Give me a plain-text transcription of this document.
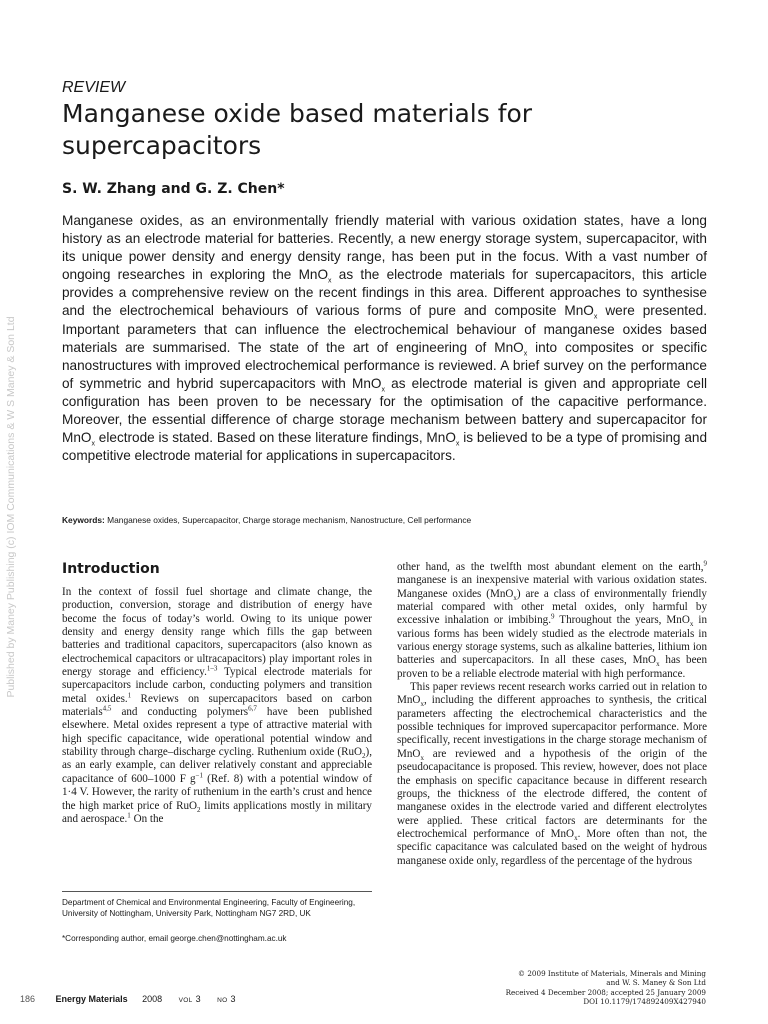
Published by Maney Publishing (c) IOM Communications & W S Maney & Son Ltd
REVIEW
Manganese oxide based materials for supercapacitors
S. W. Zhang and G. Z. Chen*

Manganese oxides, as an environmentally friendly material with various oxidation states, have a long history as an electrode material for batteries. Recently, a new energy storage system, supercapacitor, with its unique power density and energy density range, has been put in the focus. With a vast number of ongoing researches in exploring the MnO$_x$ as the electrode materials for supercapacitors, this article provides a comprehensive review on the recent findings in this area. Different approaches to synthesise and the electrochemical behaviours of various forms of pure and composite MnO$_x$ were presented. Important parameters that can influence the electrochemical behaviour of manganese oxides based materials are summarised. The state of the art of engineering of MnO$_x$ into composites or specific nanostructures with improved electrochemical performance is reviewed. A brief survey on the performance of symmetric and hybrid supercapacitors with MnO$_x$ as electrode material is given and appropriate cell configuration has been proven to be necessary for the optimisation of the capacitive performance. Moreover, the essential difference of charge storage mechanism between battery and supercapacitor for MnO$_x$ electrode is stated. Based on these literature findings, MnO$_x$ is believed to be a type of promising and competitive electrode material for applications in supercapacitors.

Keywords: Manganese oxides, Supercapacitor, Charge storage mechanism, Nanostructure, Cell performance
Introduction

In the context of fossil fuel shortage and climate change, the production, conversion, storage and distribution of energy have become the focus of today’s world. Owing to its unique power density and energy density range which fills the gap between batteries and traditional capacitors, supercapacitors (also known as electrochemical capacitors or ultracapacitors) play important roles in energy storage and efficiency.$^{1-3}$ Typical electrode materials for supercapacitors include carbon, conducting polymers and transition metal oxides.$^1$ Reviews on supercapacitors based on carbon materials$^{4,5}$ and conducting polymers$^{6,7}$ have been published elsewhere. Metal oxides represent a type of attractive material with high specific capacitance, wide operational potential window and stability through charge–discharge cycling. Ruthenium oxide (RuO$_2$), as an early example, can deliver relatively constant and appreciable capacitance of 600–1000 F $g^{-1}$ (Ref. 8) with a potential window of 1·4 V. However, the rarity of ruthenium in the earth’s crust and hence the high market price of RuO$_2$ limits applications mostly in military and aerospace.$^1$ On the

other hand, as the twelfth most abundant element on the earth,$^9$ manganese is an inexpensive material with various oxidation states. Manganese oxides (MnO$_x$) are a class of environmentally friendly material compared with other metal oxides, only harmful by excessive inhalation or imbibing.$^9$ Throughout the years, MnO$_x$ in various forms has been widely studied as the electrode materials in various energy storage systems, such as alkaline batteries, lithium ion batteries and supercapacitors. In all these cases, MnO$_x$ has been proven to be a reliable electrode material with high performance.

This paper reviews recent research works carried out in relation to MnO$_x$, including the different approaches to synthesis, the critical parameters affecting the electrochemical characteristics and the possible techniques for improved supercapacitor performance. More specifically, recent investigations in the charge storage mechanism of MnO$_x$ are reviewed and a hypothesis of the origin of the pseudocapacitance is proposed. This review, however, does not place the emphasis on specific capacitance because in different research groups, the thickness of the electrode differed, the content of manganese oxides in the electrode varied and different electrolytes were applied. These critical factors are determinants for the electrochemical performance of MnO$_x$. More often than not, the specific capacitance was calculated based on the weight of hydrous manganese oxide only, regardless of the percentage of the hydrous

Department of Chemical and Environmental Engineering, Faculty of Engineering, University of Nottingham, University Park, Nottingham NG7 2RD, UK
*Corresponding author, email george.chen@nottingham.ac.uk
© 2009 Institute of Materials, Minerals and Mining
and W. S. Maney & Son Ltd
Received 4 December 2008; accepted 25 January 2009
DOI 10.1179/174892409X427940
186 Energy Materials 2008	VOL 3	NO 3
